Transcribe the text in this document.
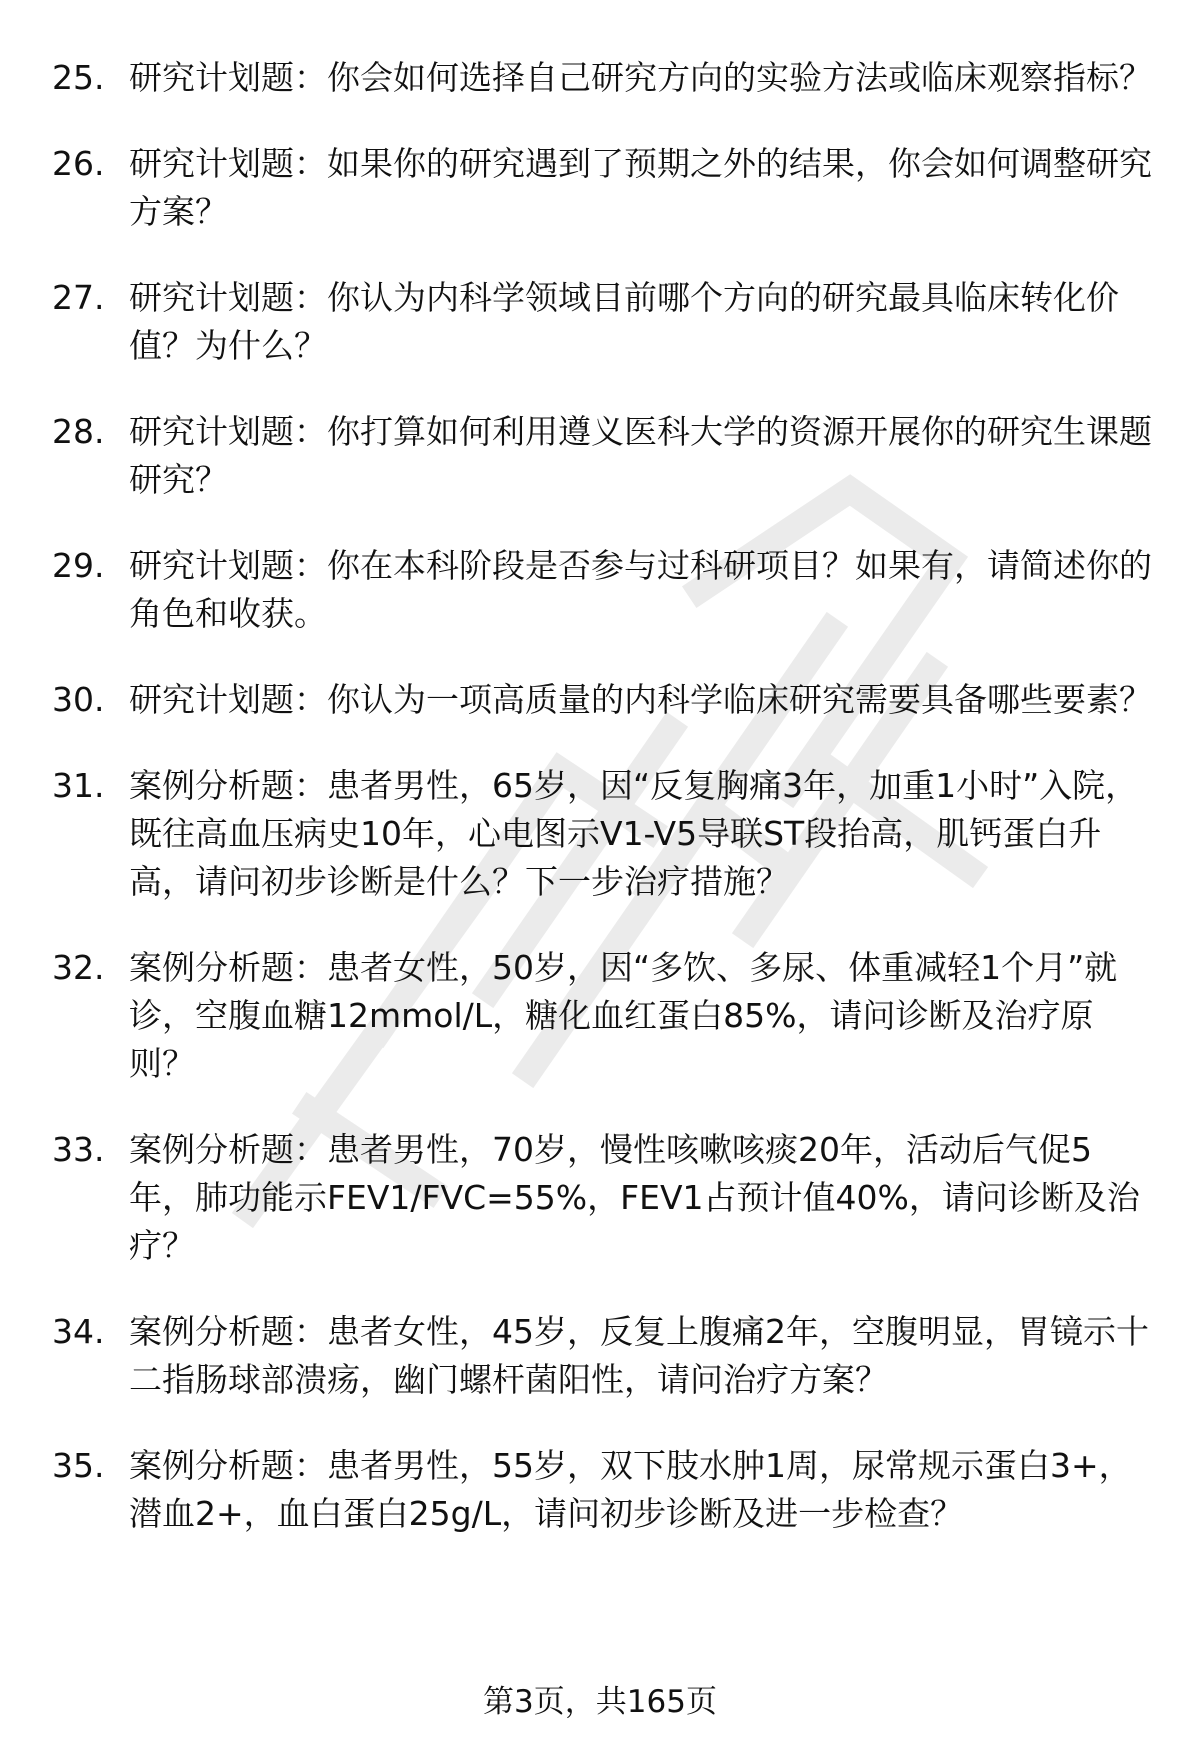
25. 研究计划题：你会如何选择自己研究方向的实验方法或临床观察指标？
26. 研究计划题：如果你的研究遇到了预期之外的结果，你会如何调整研究方案？
27. 研究计划题：你认为内科学领域目前哪个方向的研究最具临床转化价值？为什么？
28. 研究计划题：你打算如何利用遵义医科大学的资源开展你的研究生课题研究？
29. 研究计划题：你在本科阶段是否参与过科研项目？如果有，请简述你的角色和收获。
30. 研究计划题：你认为一项高质量的内科学临床研究需要具备哪些要素？
31. 案例分析题：患者男性，65岁，因“反复胸痛3年，加重1小时”入院，既往高血压病史10年，心电图示V1-V5导联ST段抬高，肌钙蛋白升高，请问初步诊断是什么？下一步治疗措施？
32. 案例分析题：患者女性，50岁，因“多饮、多尿、体重减轻1个月”就诊，空腹血糖12mmol/L，糖化血红蛋白85%，请问诊断及治疗原则？
33. 案例分析题：患者男性，70岁，慢性咳嗽咳痰20年，活动后气促5年，肺功能示FEV1/FVC=55%，FEV1占预计值40%，请问诊断及治疗？
34. 案例分析题：患者女性，45岁，反复上腹痛2年，空腹明显，胃镜示十二指肠球部溃疡，幽门螺杆菌阳性，请问治疗方案？
35. 案例分析题：患者男性，55岁，双下肢水肿1周，尿常规示蛋白3+，潜血2+，血白蛋白25g/L，请问初步诊断及进一步检查？
第3页，共165页
